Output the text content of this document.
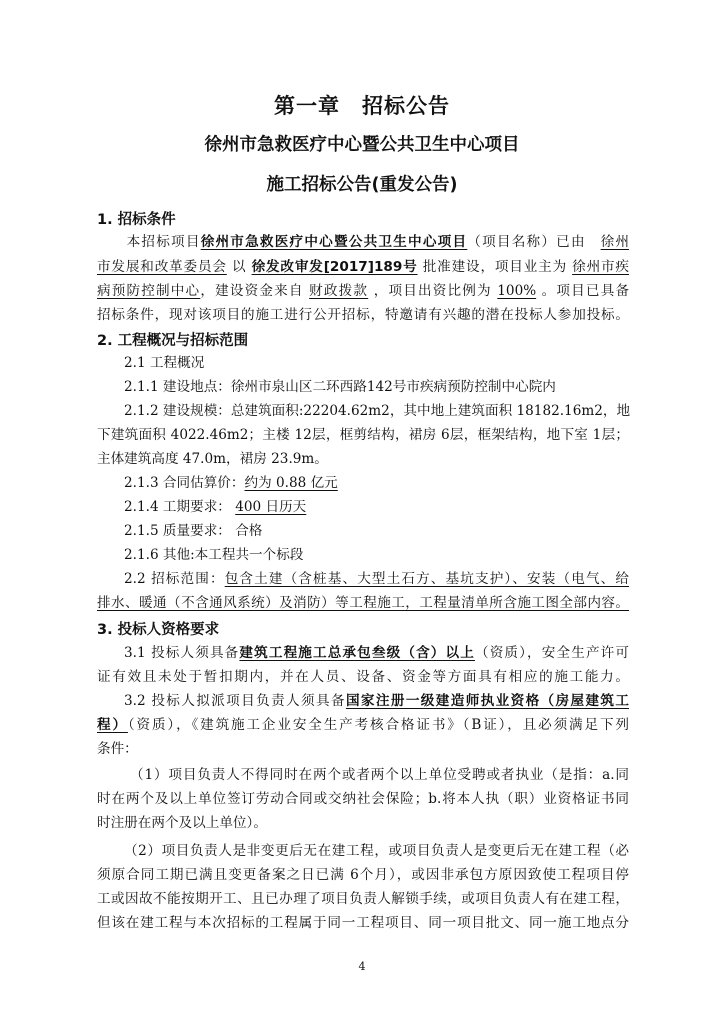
第一章　招标公告
徐州市急救医疗中心暨公共卫生中心项目
施工招标公告(重发公告)
1. 招标条件
　　本招标项目徐州市急救医疗中心暨公共卫生中心项目（项目名称）已由　 徐州
市发展和改革委员会 以 徐发改审发[2017]189号 批准建设，项目业主为 徐州市疾
病预防控制中心，建设资金来自 财政拨款 ，项目出资比例为 100% 。项目已具备
招标条件，现对该项目的施工进行公开招标，特邀请有兴趣的潜在投标人参加投标。
2. 工程概况与招标范围
2.1 工程概况
2.1.1 建设地点：徐州市泉山区二环西路142号市疾病预防控制中心院内
2.1.2 建设规模：总建筑面积:22204.62m2，其中地上建筑面积 18182.16m2，地
下建筑面积 4022.46m2；主楼 12层，框剪结构，裙房 6层，框架结构，地下室 1层；
主体建筑高度 47.0m，裙房 23.9m。
2.1.3 合同估算价：约为 0.88 亿元
2.1.4 工期要求： 400 日历天
2.1.5 质量要求： 合格
2.1.6 其他:本工程共一个标段
2.2 招标范围：包含土建（含桩基、大型土石方、基坑支护）、安装（电气、给
排水、暖通（不含通风系统）及消防）等工程施工，工程量清单所含施工图全部内容。
3. 投标人资格要求
3.1 投标人须具备建筑工程施工总承包叁级（含）以上（资质），安全生产许可
证有效且未处于暂扣期内，并在人员、设备、资金等方面具有相应的施工能力。
3.2 投标人拟派项目负责人须具备国家注册一级建造师执业资格（房屋建筑工
程）（资质），《建筑施工企业安全生产考核合格证书》（B证），且必须满足下列
条件：
（1）项目负责人不得同时在两个或者两个以上单位受聘或者执业（是指：a.同
时在两个及以上单位签订劳动合同或交纳社会保险；b.将本人执（职）业资格证书同
时注册在两个及以上单位）。
（2）项目负责人是非变更后无在建工程，或项目负责人是变更后无在建工程（必
须原合同工期已满且变更备案之日已满 6个月），或因非承包方原因致使工程项目停
工或因故不能按期开工、且已办理了项目负责人解锁手续，或项目负责人有在建工程，
但该在建工程与本次招标的工程属于同一工程项目、同一项目批文、同一施工地点分
4
